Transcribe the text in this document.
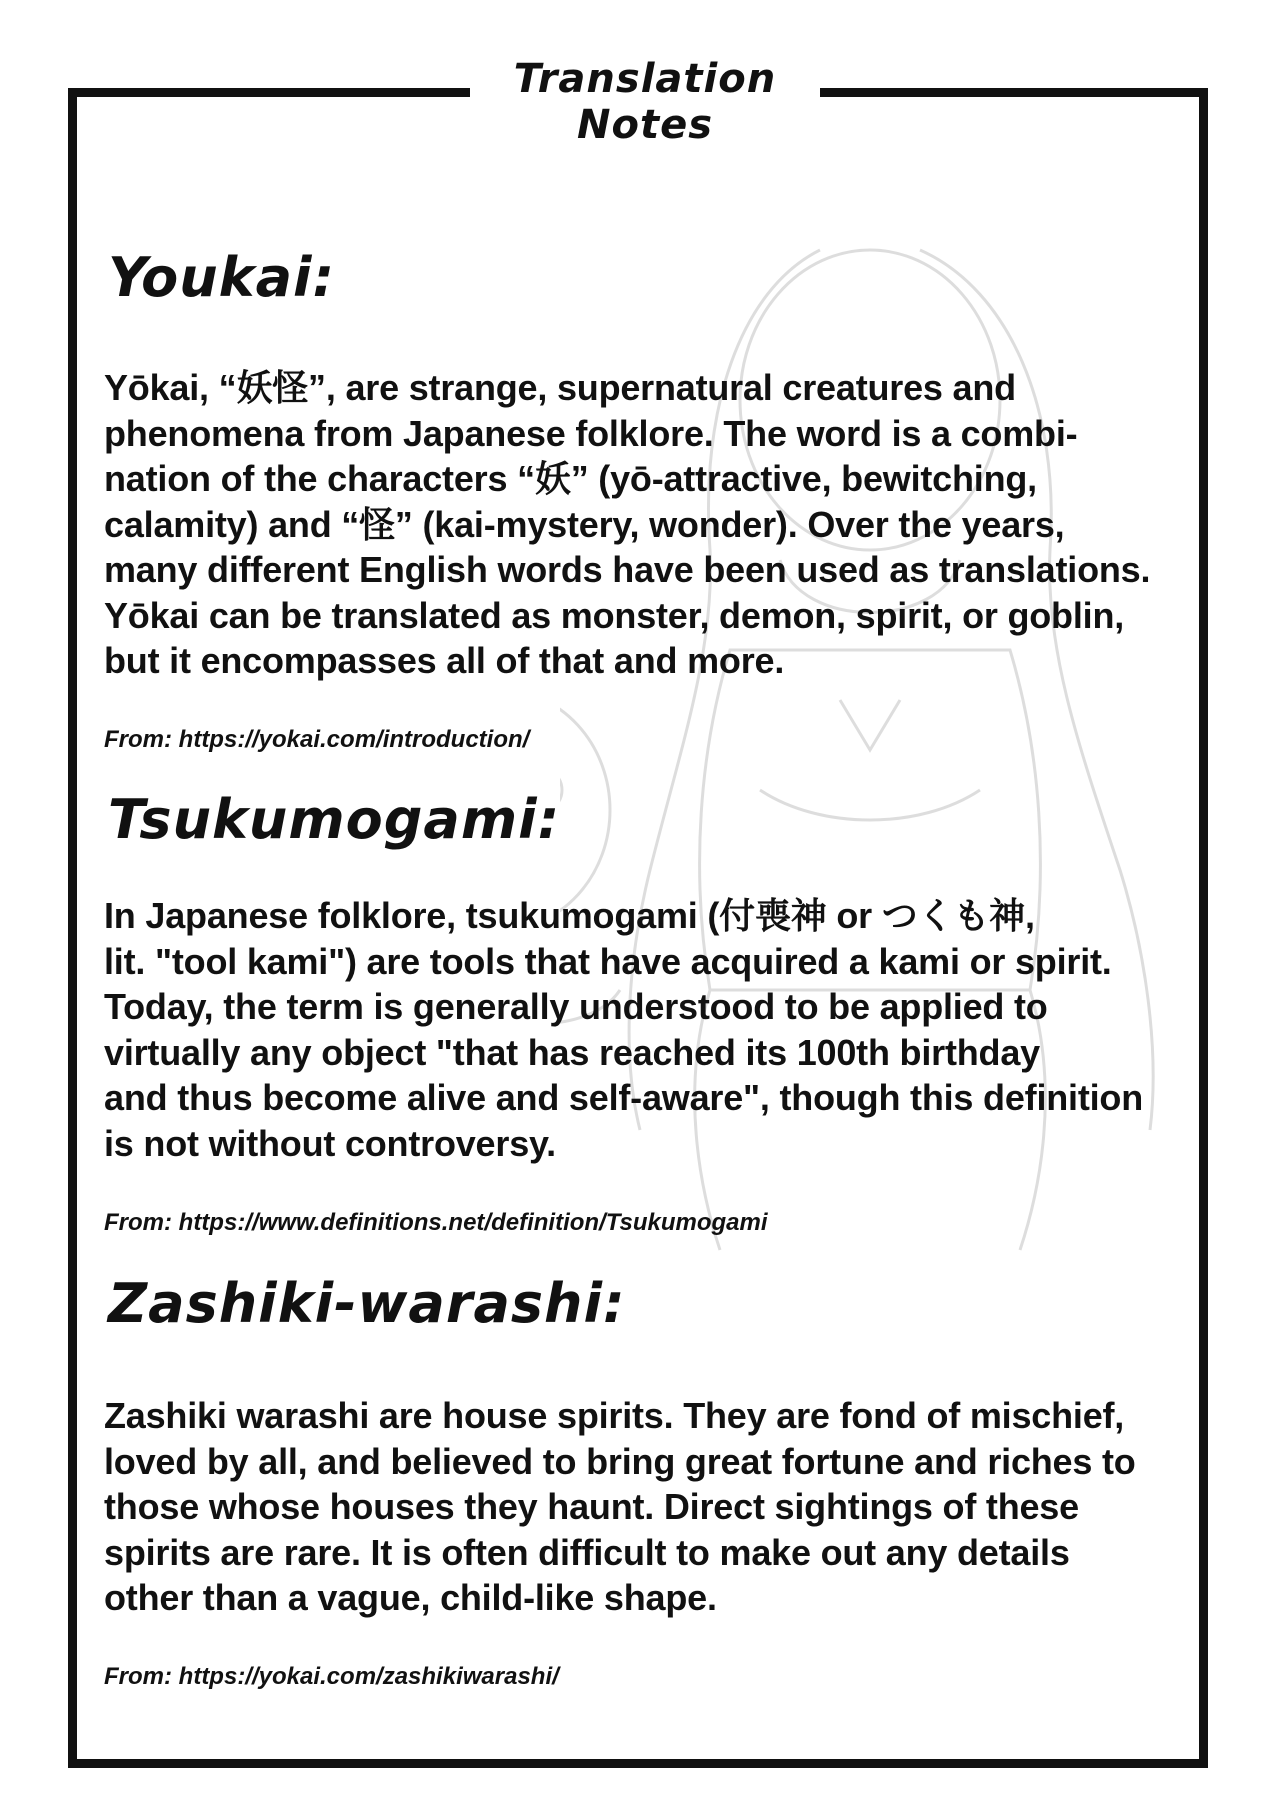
Translation
Notes
Youkai:
Yōkai, “妖怪”, are strange, supernatural creatures and
phenomena from Japanese folklore. The word is a combi-
nation of the characters “妖” (yō-attractive, bewitching,
calamity) and “怪” (kai-mystery, wonder). Over the years,
many different English words have been used as translations.
Yōkai can be translated as monster, demon, spirit, or goblin,
but it encompasses all of that and more.

From: https://yokai.com/introduction/

Tsukumogami:
In Japanese folklore, tsukumogami (付喪神 or つくも神,
lit. "tool kami") are tools that have acquired a kami or spirit.
Today, the term is generally understood to be applied to
virtually any object "that has reached its 100th birthday
and thus become alive and self-aware", though this definition
is not without controversy.

From: https://www.definitions.net/definition/Tsukumogami

Zashiki-warashi:
Zashiki warashi are house spirits. They are fond of mischief,
loved by all, and believed to bring great fortune and riches to
those whose houses they haunt. Direct sightings of these
spirits are rare. It is often difficult to make out any details
other than a vague, child-like shape.

From: https://yokai.com/zashikiwarashi/
